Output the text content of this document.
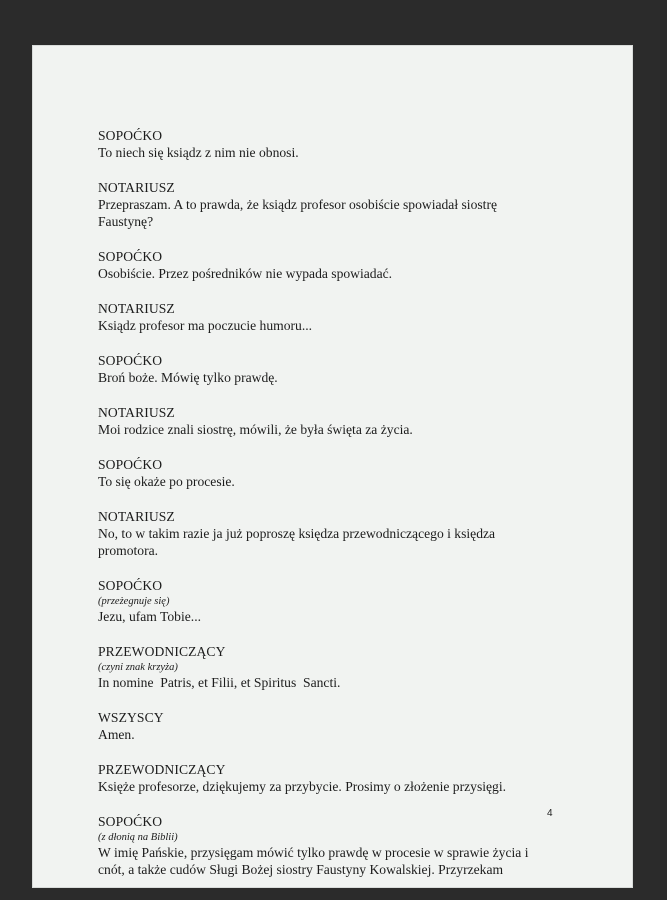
SOPOĆKO
To niech się ksiądz z nim nie obnosi.
NOTARIUSZ
Przepraszam. A to prawda, że ksiądz profesor osobiście spowiadał siostrę Faustynę?
SOPOĆKO
Osobiście. Przez pośredników nie wypada spowiadać.
NOTARIUSZ
Ksiądz profesor ma poczucie humoru...
SOPOĆKO
Broń boże. Mówię tylko prawdę.
NOTARIUSZ
Moi rodzice znali siostrę, mówili, że była święta za życia.
SOPOĆKO
To się okaże po procesie.
NOTARIUSZ
No, to w takim razie ja już poproszę księdza przewodniczącego i księdza promotora.
SOPOĆKO
(przeżegnuje się)
Jezu, ufam Tobie...
PRZEWODNICZĄCY
(czyni znak krzyża)
In nomine  Patris, et Filii, et Spiritus  Sancti.
WSZYSCY
Amen.
PRZEWODNICZĄCY
Księże profesorze, dziękujemy za przybycie. Prosimy o złożenie przysięgi.
SOPOĆKO
(z dłonią na Biblii)
W imię Pańskie, przysięgam mówić tylko prawdę w procesie w sprawie życia i cnót, a także cudów Sługi Bożej siostry Faustyny Kowalskiej. Przyrzekam
4
